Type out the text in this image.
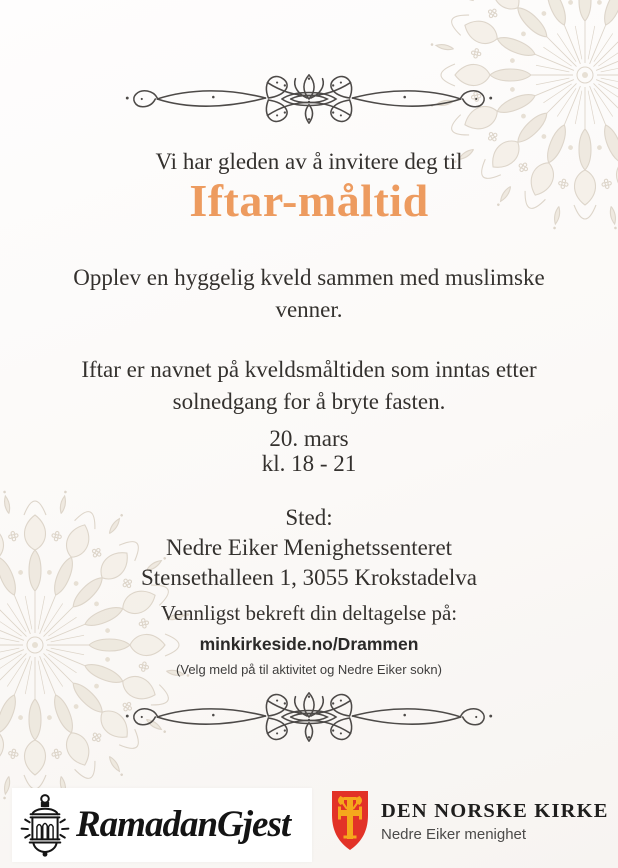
Vi har gleden av å invitere deg til
Iftar-måltid
Opplev en hyggelig kveld sammen med muslimske
venner.
Iftar er navnet på kveldsmåltiden som inntas etter
solnedgang for å bryte fasten.
20. mars
kl. 18 - 21
Sted:
Nedre Eiker Menighetssenteret
Stensethalleen 1, 3055 Krokstadelva
Vennligst bekreft din deltagelse på:
minkirkeside.no/Drammen
(Velg meld på til aktivitet og Nedre Eiker sokn)
RamadanGjest	DEN NORSKE KIRKE
Nedre Eiker menighet
